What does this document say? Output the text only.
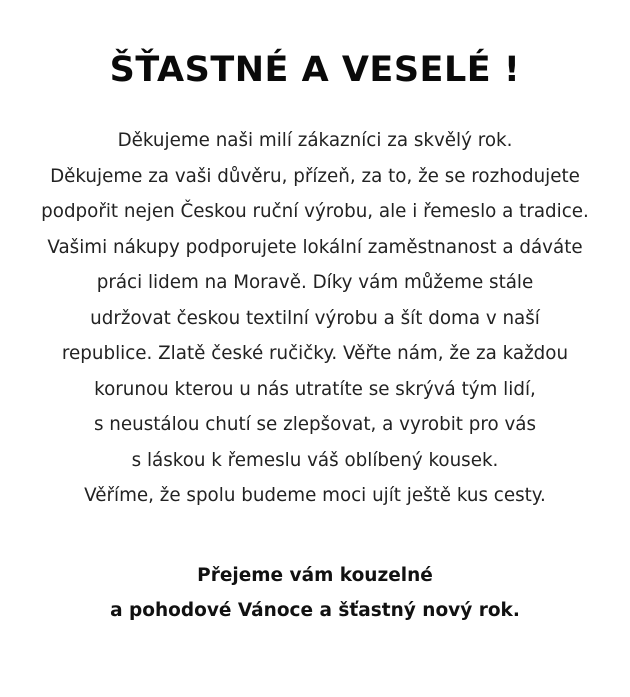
ŠŤASTNÉ A VESELÉ !
Děkujeme naši milí zákazníci za skvělý rok.
Děkujeme za vaši důvěru, přízeň, za to, že se rozhodujete
podpořit nejen Českou ruční výrobu, ale i řemeslo a tradice.
Vašimi nákupy podporujete lokální zaměstnanost a dáváte
práci lidem na Moravě. Díky vám můžeme stále
udržovat českou textilní výrobu a šít doma v naší
republice. Zlatě české ručičky. Věřte nám, že za každou
korunou kterou u nás utratíte se skrývá tým lidí,
s neustálou chutí se zlepšovat, a vyrobit pro vás
s láskou k řemeslu váš oblíbený kousek.
Věříme, že spolu budeme moci ujít ještě kus cesty.
Přejeme vám kouzelné
a pohodové Vánoce a šťastný nový rok.
